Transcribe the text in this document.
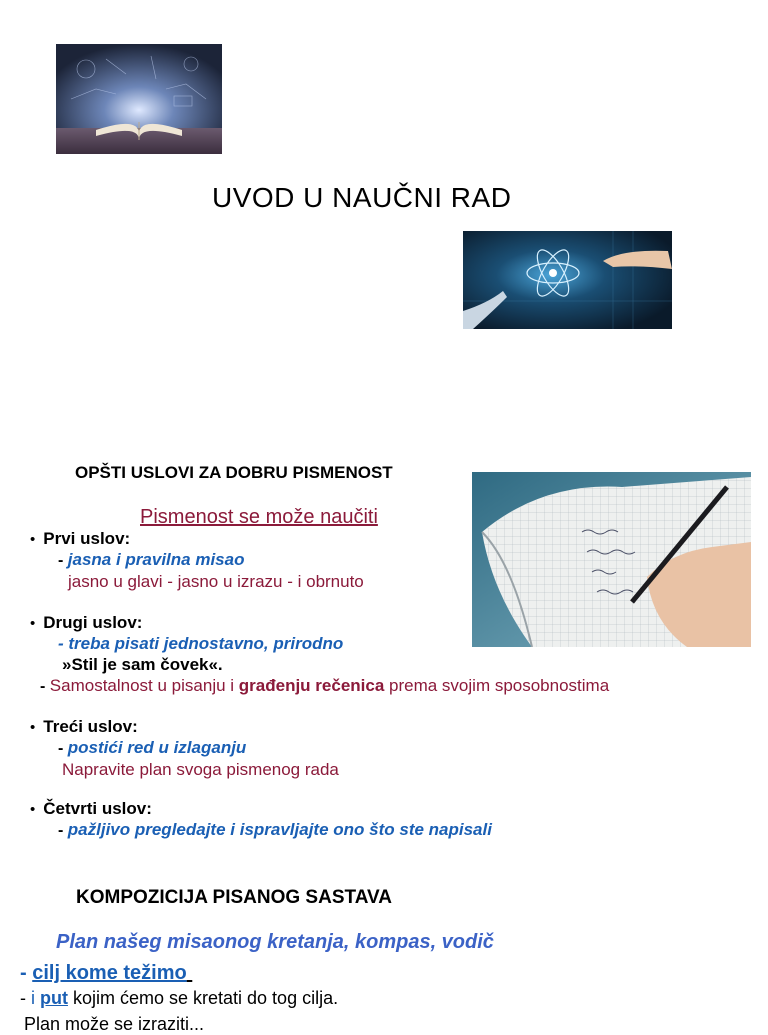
UVOD U NAUČNI RAD
OPŠTI USLOVI ZA DOBRU PISMENOST
Pismenost se može naučiti
• Prvi uslov:
- jasna i pravilna misao
jasno u glavi - jasno u izrazu - i obrnuto
• Drugi uslov:
- treba pisati jednostavno, prirodno
»Stil je sam čovek«.
- Samostalnost u pisanju i građenju rečenica prema svojim sposobnostima
• Treći uslov:
- postići red u izlaganju
Napravite plan svoga pismenog rada
• Četvrti uslov:
- pažljivo pregledajte i ispravljajte ono što ste napisali
KOMPOZICIJA PISANOG SASTAVA
Plan našeg misaonog kretanja, kompas, vodič
- cilj kome težimo
- i put kojim ćemo se kretati do tog cilja.
Plan može se izraziti...
